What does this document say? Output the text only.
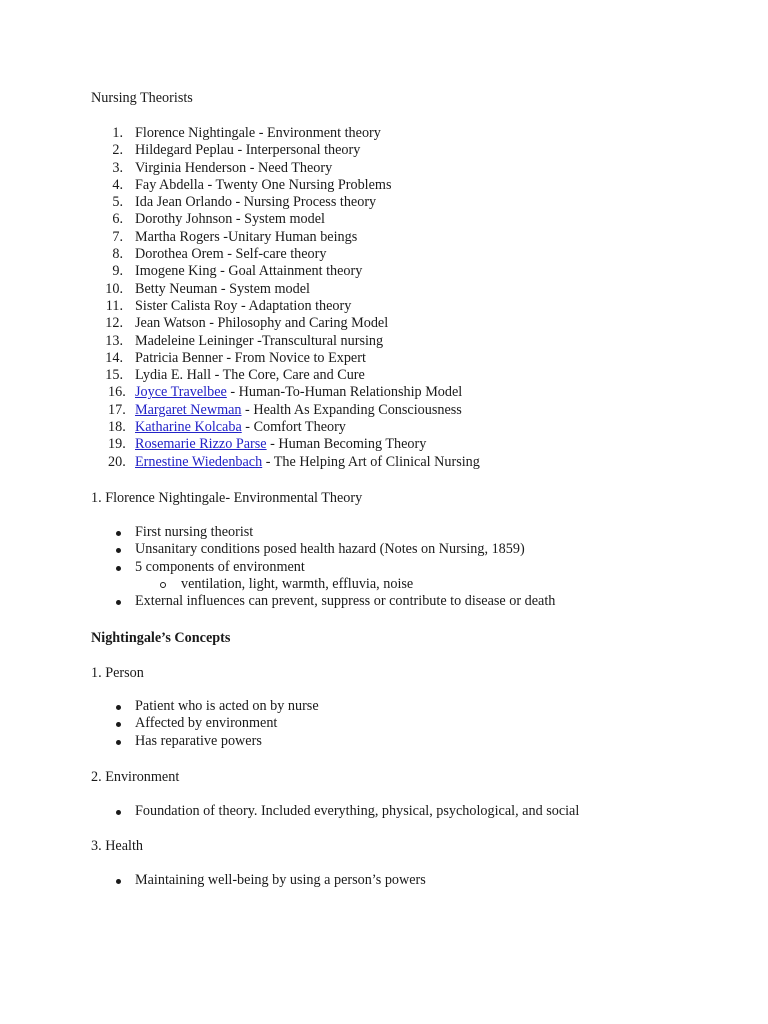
Nursing Theorists
1. Florence Nightingale - Environment theory
2. Hildegard Peplau - Interpersonal theory
3. Virginia Henderson - Need Theory
4. Fay Abdella - Twenty One Nursing Problems
5. Ida Jean Orlando - Nursing Process theory
6. Dorothy Johnson - System model
7. Martha Rogers -Unitary Human beings
8. Dorothea Orem - Self-care theory
9. Imogene King - Goal Attainment theory
10. Betty Neuman - System model
11. Sister Calista Roy - Adaptation theory
12. Jean Watson - Philosophy and Caring Model
13. Madeleine Leininger -Transcultural nursing
14. Patricia Benner - From Novice to Expert
15. Lydia E. Hall - The Core, Care and Cure
16. Joyce Travelbee - Human-To-Human Relationship Model
17. Margaret Newman - Health As Expanding Consciousness
18. Katharine Kolcaba - Comfort Theory
19. Rosemarie Rizzo Parse - Human Becoming Theory
20. Ernestine Wiedenbach - The Helping Art of Clinical Nursing
1. Florence Nightingale- Environmental Theory
First nursing theorist
Unsanitary conditions posed health hazard (Notes on Nursing, 1859)
5 components of environment
ventilation, light, warmth, effluvia, noise
External influences can prevent, suppress or contribute to disease or death
Nightingale’s Concepts
1. Person
Patient who is acted on by nurse
Affected by environment
Has reparative powers
2. Environment
Foundation of theory. Included everything, physical, psychological, and social
3. Health
Maintaining well-being by using a person’s powers
